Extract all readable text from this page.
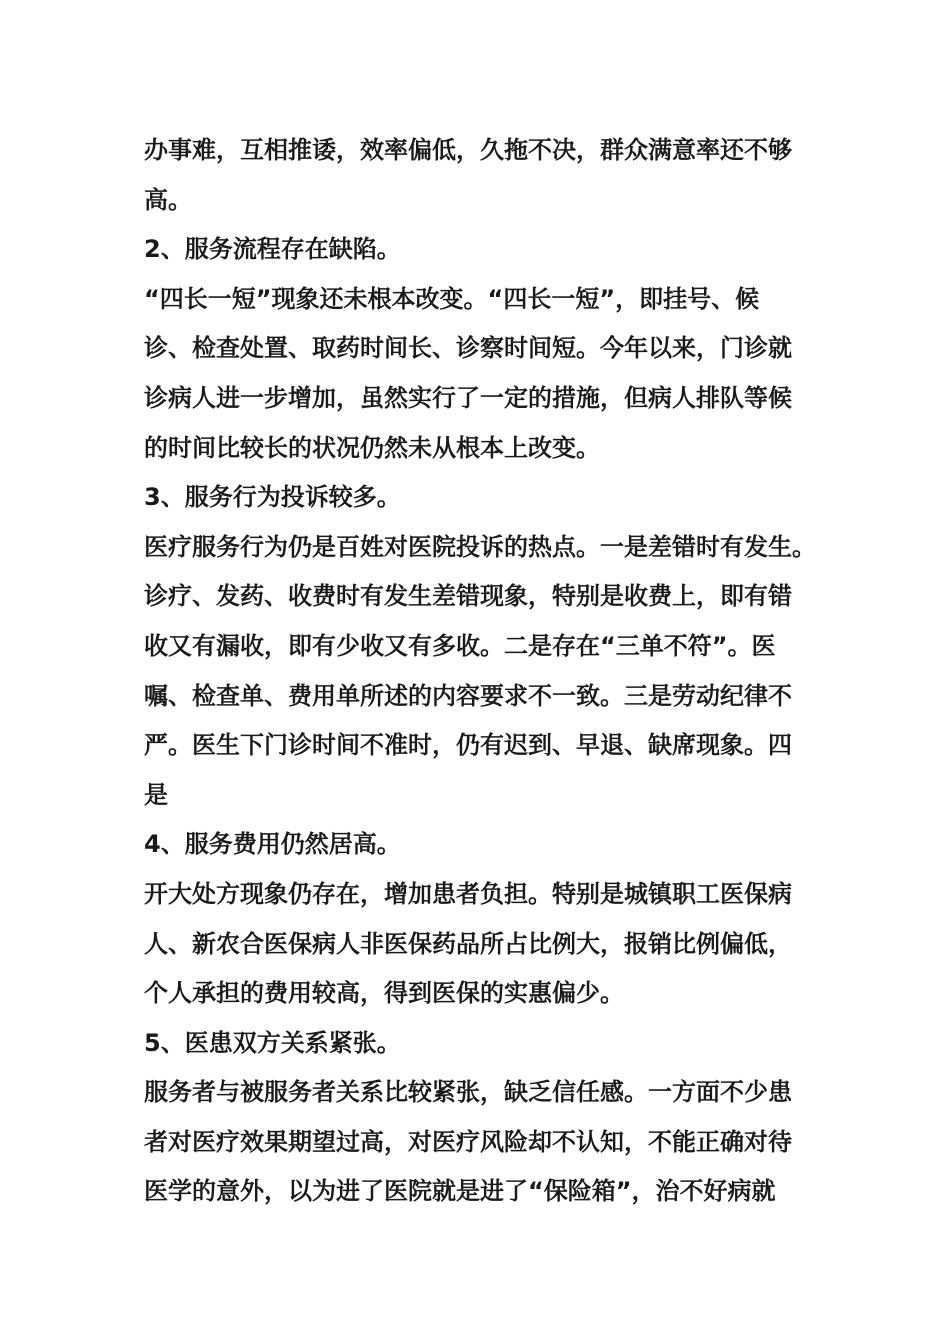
办事难，互相推诿，效率偏低，久拖不决，群众满意率还不够
高。
2、服务流程存在缺陷。
“四长一短”现象还未根本改变。“四长一短”，即挂号、候
诊、检查处置、取药时间长、诊察时间短。今年以来，门诊就
诊病人进一步增加，虽然实行了一定的措施，但病人排队等候
的时间比较长的状况仍然未从根本上改变。
3、服务行为投诉较多。
医疗服务行为仍是百姓对医院投诉的热点。一是差错时有发生。
诊疗、发药、收费时有发生差错现象，特别是收费上，即有错
收又有漏收，即有少收又有多收。二是存在“三单不符”。医
嘱、检查单、费用单所述的内容要求不一致。三是劳动纪律不
严。医生下门诊时间不准时，仍有迟到、早退、缺席现象。四
是
4、服务费用仍然居高。
开大处方现象仍存在，增加患者负担。特别是城镇职工医保病
人、新农合医保病人非医保药品所占比例大，报销比例偏低，
个人承担的费用较高，得到医保的实惠偏少。
5、医患双方关系紧张。
服务者与被服务者关系比较紧张，缺乏信任感。一方面不少患
者对医疗效果期望过高，对医疗风险却不认知，不能正确对待
医学的意外，以为进了医院就是进了“保险箱”，治不好病就
